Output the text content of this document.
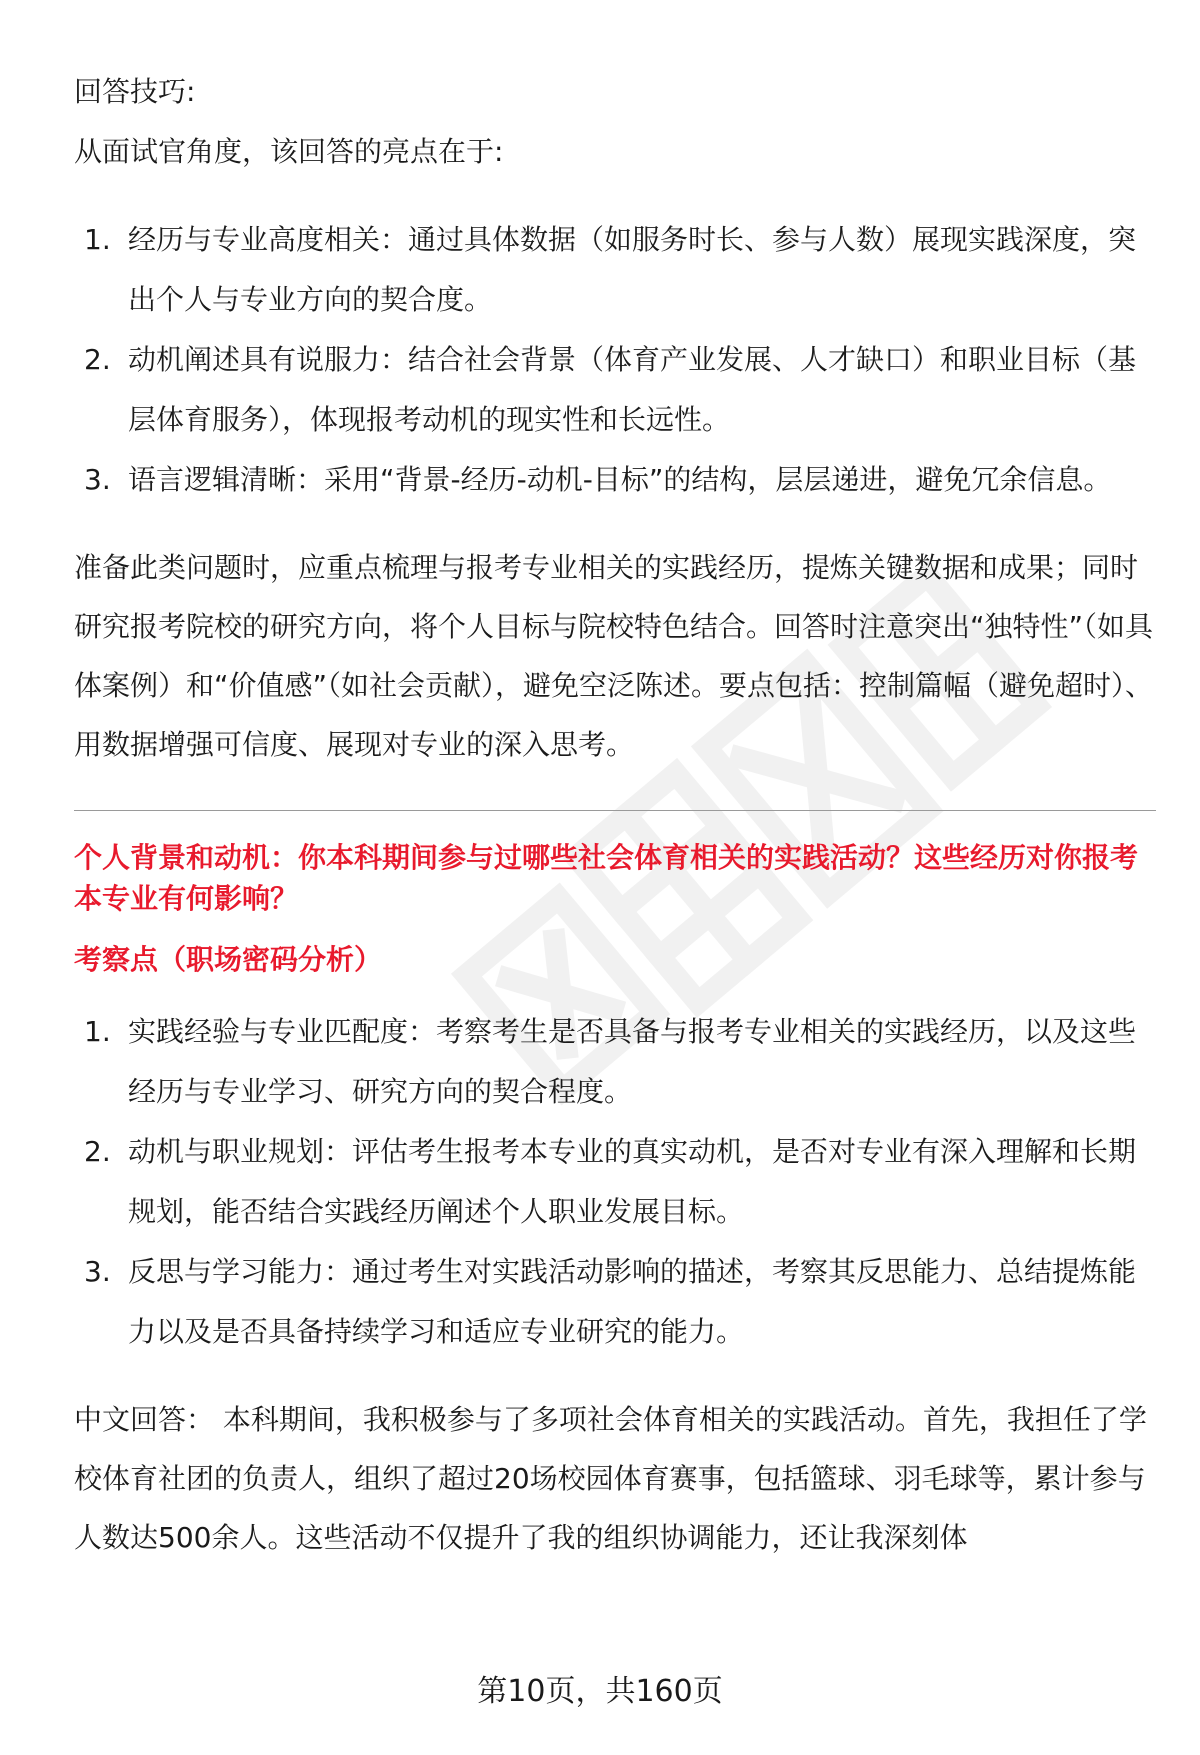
回答技巧:

从面试官角度，该回答的亮点在于:

1. 经历与专业高度相关：通过具体数据（如服务时长、参与人数）展现实践深度，突出个人与专业方向的契合度。
2. 动机阐述具有说服力：结合社会背景（体育产业发展、人才缺口）和职业目标（基层体育服务），体现报考动机的现实性和长远性。
3. 语言逻辑清晰：采用“背景-经历-动机-目标”的结构，层层递进，避免冗余信息。

准备此类问题时，应重点梳理与报考专业相关的实践经历，提炼关键数据和成果；同时研究报考院校的研究方向，将个人目标与院校特色结合。回答时注意突出“独特性”（如具体案例）和“价值感”（如社会贡献），避免空泛陈述。要点包括：控制篇幅（避免超时）、用数据增强可信度、展现对专业的深入思考。

个人背景和动机：你本科期间参与过哪些社会体育相关的实践活动？这些经历对你报考本专业有何影响？

考察点（职场密码分析）

1. 实践经验与专业匹配度：考察考生是否具备与报考专业相关的实践经历，以及这些经历与专业学习、研究方向的契合程度。
2. 动机与职业规划：评估考生报考本专业的真实动机，是否对专业有深入理解和长期规划，能否结合实践经历阐述个人职业发展目标。
3. 反思与学习能力：通过考生对实践活动影响的描述，考察其反思能力、总结提炼能力以及是否具备持续学习和适应专业研究的能力。

中文回答： 本科期间，我积极参与了多项社会体育相关的实践活动。首先，我担任了学校体育社团的负责人，组织了超过20场校园体育赛事，包括篮球、羽毛球等，累计参与人数达500余人。这些活动不仅提升了我的组织协调能力，还让我深刻体

第10页，共160页
